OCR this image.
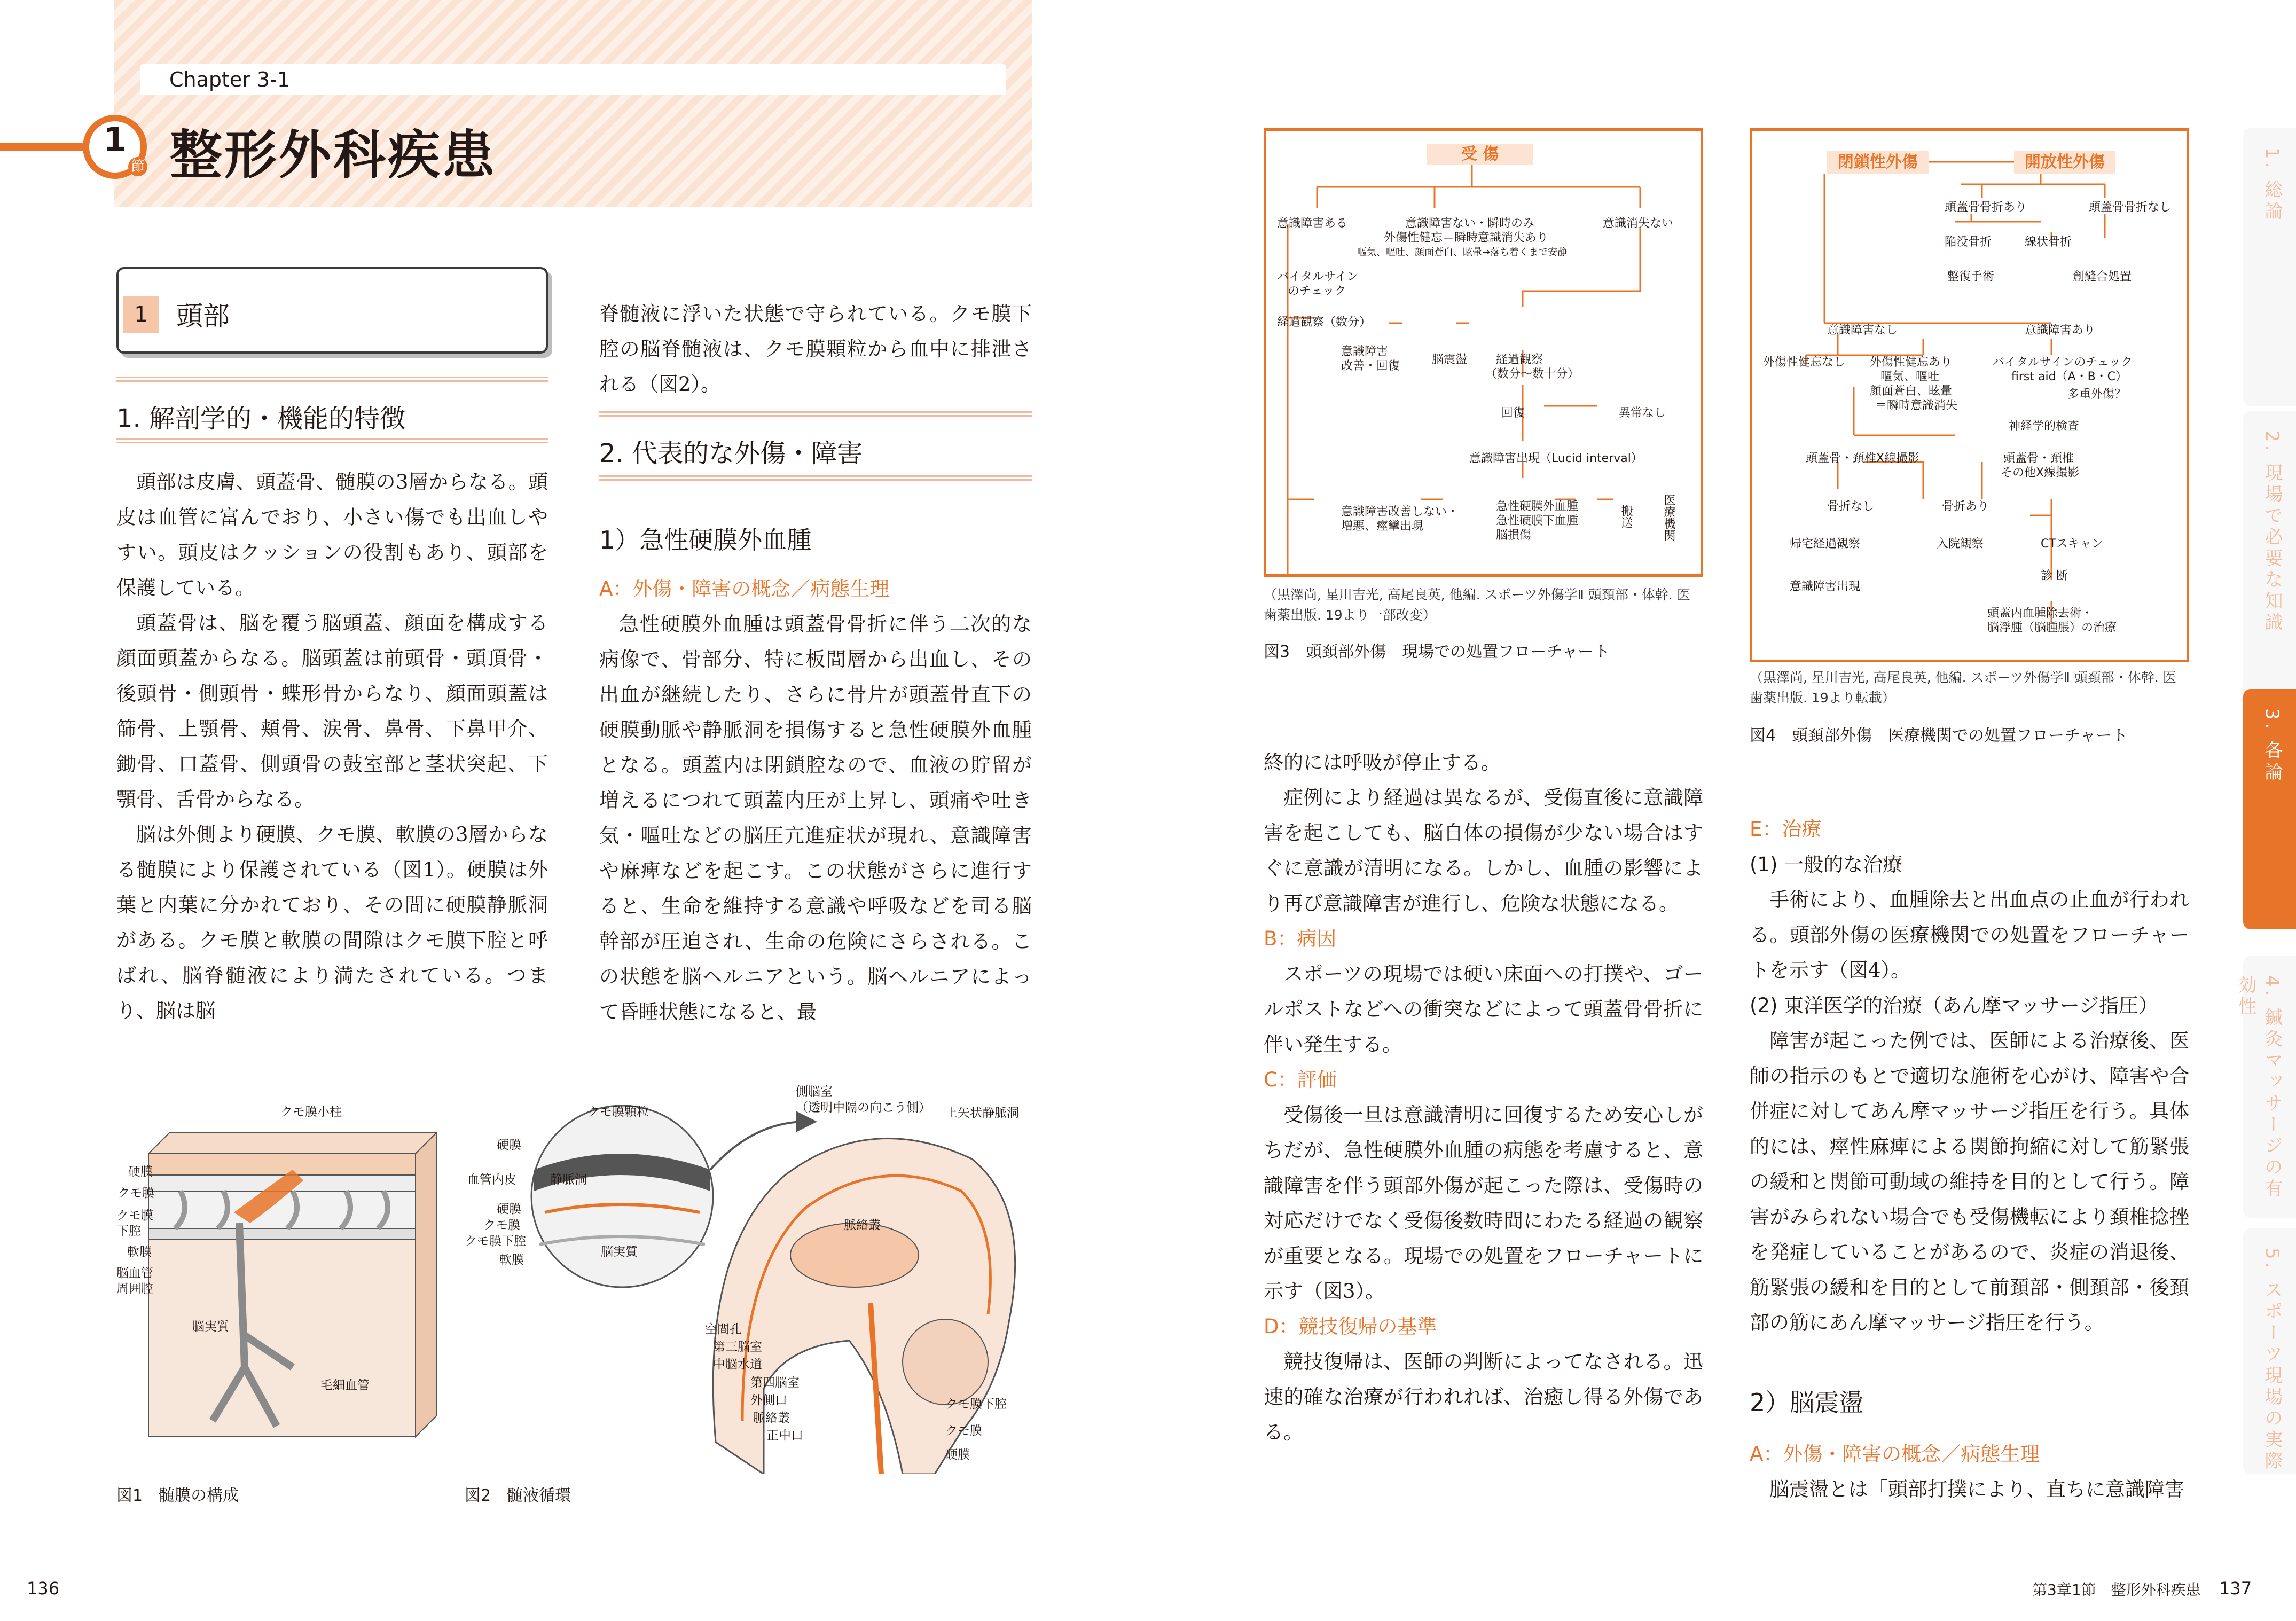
Chapter 3-1
1
節 整形外科疾患
1	頭部
1. 解剖学的・機能的特徴

頭部は皮膚、頭蓋骨、髄膜の3層からなる。頭皮は血管に富んでおり、小さい傷でも出血しやすい。頭皮はクッションの役割もあり、頭部を保護している。

頭蓋骨は、脳を覆う脳頭蓋、顔面を構成する顔面頭蓋からなる。脳頭蓋は前頭骨・頭頂骨・後頭骨・側頭骨・蝶形骨からなり、顔面頭蓋は篩骨、上顎骨、頬骨、涙骨、鼻骨、下鼻甲介、鋤骨、口蓋骨、側頭骨の鼓室部と茎状突起、下顎骨、舌骨からなる。

脳は外側より硬膜、クモ膜、軟膜の3層からなる髄膜により保護されている（図1）。硬膜は外葉と内葉に分かれており、その間に硬膜静脈洞がある。クモ膜と軟膜の間隙はクモ膜下腔と呼ばれ、脳脊髄液により満たされている。つまり、脳は脳

脊髄液に浮いた状態で守られている。クモ膜下腔の脳脊髄液は、クモ膜顆粒から血中に排泄される（図2）。

2. 代表的な外傷・障害
1）急性硬膜外血腫
A：外傷・障害の概念／病態生理

急性硬膜外血腫は頭蓋骨骨折に伴う二次的な病像で、骨部分、特に板間層から出血し、その出血が継続したり、さらに骨片が頭蓋骨直下の硬膜動脈や静脈洞を損傷すると急性硬膜外血腫となる。頭蓋内は閉鎖腔なので、血液の貯留が増えるにつれて頭蓋内圧が上昇し、頭痛や吐き気・嘔吐などの脳圧亢進症状が現れ、意識障害や麻痺などを起こす。この状態がさらに進行すると、生命を維持する意識や呼吸などを司る脳幹部が圧迫され、生命の危険にさらされる。この状態を脳ヘルニアという。脳ヘルニアによって昏睡状態になると、最

クモ膜小柱
硬膜
クモ膜
クモ膜下腔
軟膜
脳血管周囲腔
脳実質
毛細血管
図1　髄膜の構成
クモ膜顆粒
硬膜
血管内皮	静脈洞
硬膜
クモ膜
クモ膜下腔
軟膜
脳実質
側脳室
（透明中隔の向こう側） 上矢状静脈洞
脈絡叢
空間孔
第三脳室
中脳水道
第四脳室
外側口
脈絡叢
正中口
クモ膜下腔
クモ膜
硬膜
図2　髄液循環
受 傷
意識障害ある	意識障害ない・瞬時のみ
外傷性健忘＝瞬時意識消失あり
嘔気、嘔吐、顔面蒼白、眩暈→落ち着くまで安静
意識消失ない
バイタルサイン
のチェック
経過観察（数分）
意識障害
改善・回復	脳震盪 経過観察
（数分〜数十分）
回復	異常なし
意識障害出現（Lucid interval）
意識障害改善しない・
増悪、痙攣出現
急性硬膜外血腫
急性硬膜下血腫
脳損傷
搬送	医療機関
（黒澤尚, 星川吉光, 高尾良英, 他編. スポーツ外傷学Ⅱ 頭頚部・体幹. 医歯薬出版. 19より一部改変）
図3　頭頚部外傷　現場での処置フローチャート
閉鎖性外傷	開放性外傷
頭蓋骨骨折あり	頭蓋骨骨折なし
陥没骨折	線状骨折
整復手術	創縫合処置
意識障害なし	意識障害あり
外傷性健忘なし 外傷性健忘あり
嘔気、嘔吐
顔面蒼白、眩暈
＝瞬時意識消失
バイタルサインのチェック
first aid（A・B・C）
多重外傷？
神経学的検査
頭蓋骨・頚椎X線撮影	頭蓋骨・頚椎
その他X線撮影
骨折なし	骨折あり
帰宅経過観察	入院観察	CTスキャン
診 断
意識障害出現
頭蓋内血腫除去術・
脳浮腫（脳腫脹）の治療
（黒澤尚, 星川吉光, 高尾良英, 他編. スポーツ外傷学Ⅱ 頭頚部・体幹. 医歯薬出版. 19より転載）
図4　頭頚部外傷　医療機関での処置フローチャート

終的には呼吸が停止する。

症例により経過は異なるが、受傷直後に意識障害を起こしても、脳自体の損傷が少ない場合はすぐに意識が清明になる。しかし、血腫の影響により再び意識障害が進行し、危険な状態になる。

B：病因

スポーツの現場では硬い床面への打撲や、ゴールポストなどへの衝突などによって頭蓋骨骨折に伴い発生する。

C：評価

受傷後一旦は意識清明に回復するため安心しがちだが、急性硬膜外血腫の病態を考慮すると、意識障害を伴う頭部外傷が起こった際は、受傷時の対応だけでなく受傷後数時間にわたる経過の観察が重要となる。現場での処置をフローチャートに示す（図3）。

D：競技復帰の基準

競技復帰は、医師の判断によってなされる。迅速的確な治療が行われれば、治癒し得る外傷である。

E：治療
(1) 一般的な治療

手術により、血腫除去と出血点の止血が行われる。頭部外傷の医療機関での処置をフローチャートを示す（図4）。

(2) 東洋医学的治療（あん摩マッサージ指圧）

障害が起こった例では、医師による治療後、医師の指示のもとで適切な施術を心がけ、障害や合併症に対してあん摩マッサージ指圧を行う。具体的には、痙性麻痺による関節拘縮に対して筋緊張の緩和と関節可動域の維持を目的として行う。障害がみられない場合でも受傷機転により頚椎捻挫を発症していることがあるので、炎症の消退後、筋緊張の緩和を目的として前頚部・側頚部・後頚部の筋にあん摩マッサージ指圧を行う。

2）脳震盪
A：外傷・障害の概念／病態生理

脳震盪とは「頭部打撲により、直ちに意識障害

1. 総論
2. 現場で必要な知識
3. 各論
4. 鍼灸マッサージの有効性
5. スポーツ現場の実際
136	第3章1節　整形外科疾患 137
